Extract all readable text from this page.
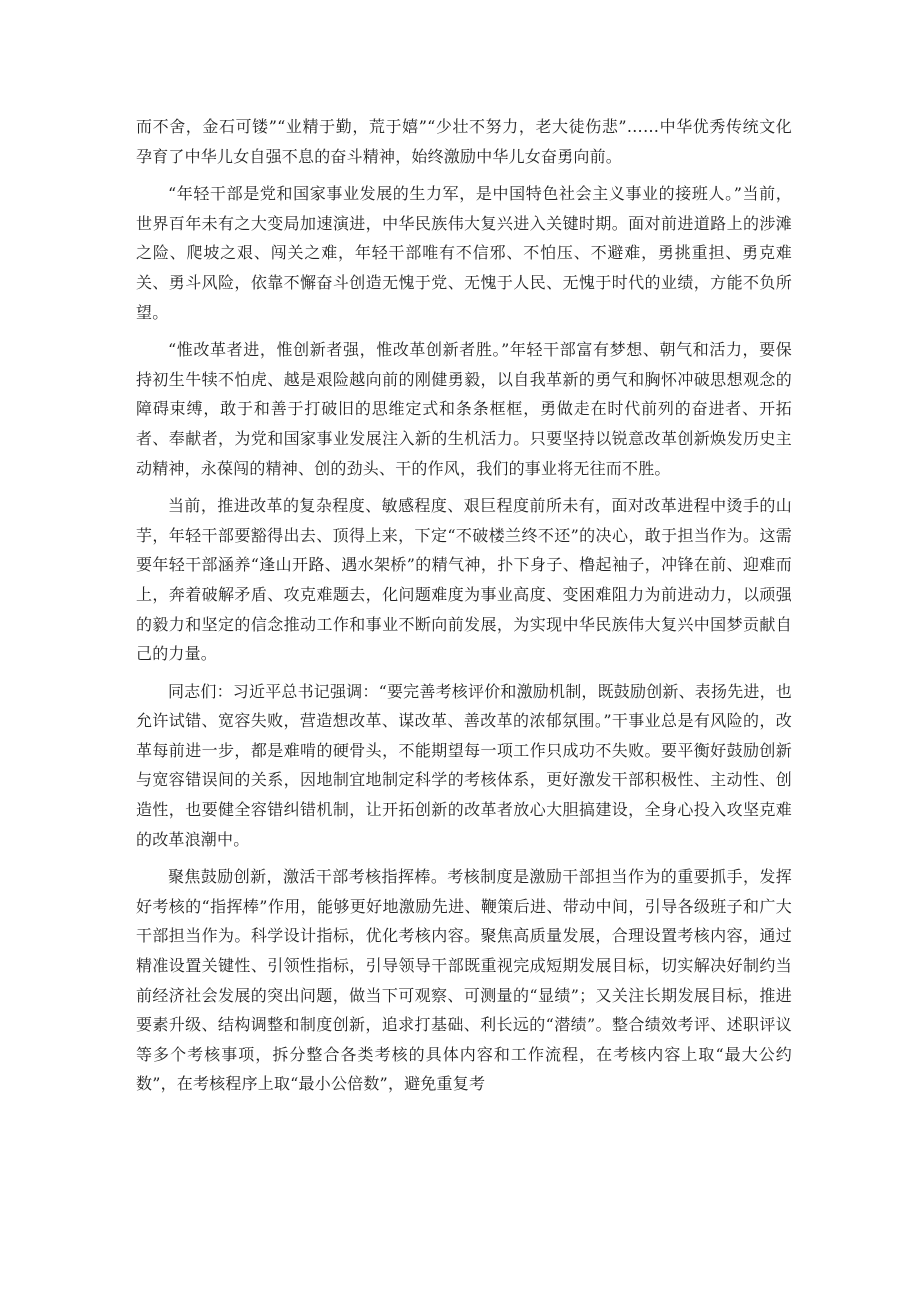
而不舍，金石可镂”“业精于勤，荒于嬉”“少壮不努力，老大徒伤悲”……中华优秀传统文化孕育了中华儿女自强不息的奋斗精神，始终激励中华儿女奋勇向前。

“年轻干部是党和国家事业发展的生力军，是中国特色社会主义事业的接班人。”当前，世界百年未有之大变局加速演进，中华民族伟大复兴进入关键时期。面对前进道路上的涉滩之险、爬坡之艰、闯关之难，年轻干部唯有不信邪、不怕压、不避难，勇挑重担、勇克难关、勇斗风险，依靠不懈奋斗创造无愧于党、无愧于人民、无愧于时代的业绩，方能不负所望。

“惟改革者进，惟创新者强，惟改革创新者胜。”年轻干部富有梦想、朝气和活力，要保持初生牛犊不怕虎、越是艰险越向前的刚健勇毅，以自我革新的勇气和胸怀冲破思想观念的障碍束缚，敢于和善于打破旧的思维定式和条条框框，勇做走在时代前列的奋进者、开拓者、奉献者，为党和国家事业发展注入新的生机活力。只要坚持以锐意改革创新焕发历史主动精神，永葆闯的精神、创的劲头、干的作风，我们的事业将无往而不胜。

当前，推进改革的复杂程度、敏感程度、艰巨程度前所未有，面对改革进程中烫手的山芋，年轻干部要豁得出去、顶得上来，下定“不破楼兰终不还”的决心，敢于担当作为。这需要年轻干部涵养“逢山开路、遇水架桥”的精气神，扑下身子、橹起袖子，冲锋在前、迎难而上，奔着破解矛盾、攻克难题去，化问题难度为事业高度、变困难阻力为前进动力，以顽强的毅力和坚定的信念推动工作和事业不断向前发展，为实现中华民族伟大复兴中国梦贡献自己的力量。

同志们：习近平总书记强调：“要完善考核评价和激励机制，既鼓励创新、表扬先进，也允许试错、宽容失败，营造想改革、谋改革、善改革的浓郁氛围。”干事业总是有风险的，改革每前进一步，都是难啃的硬骨头，不能期望每一项工作只成功不失败。要平衡好鼓励创新与宽容错误间的关系，因地制宜地制定科学的考核体系，更好激发干部积极性、主动性、创造性，也要健全容错纠错机制，让开拓创新的改革者放心大胆搞建设，全身心投入攻坚克难的改革浪潮中。

聚焦鼓励创新，激活干部考核指挥棒。考核制度是激励干部担当作为的重要抓手，发挥好考核的“指挥棒”作用，能够更好地激励先进、鞭策后进、带动中间，引导各级班子和广大干部担当作为。科学设计指标，优化考核内容。聚焦高质量发展，合理设置考核内容，通过精准设置关键性、引领性指标，引导领导干部既重视完成短期发展目标，切实解决好制约当前经济社会发展的突出问题，做当下可观察、可测量的“显绩”；又关注长期发展目标，推进要素升级、结构调整和制度创新，追求打基础、利长远的“潜绩”。整合绩效考评、述职评议等多个考核事项，拆分整合各类考核的具体内容和工作流程，在考核内容上取“最大公约数”，在考核程序上取“最小公倍数”，避免重复考
